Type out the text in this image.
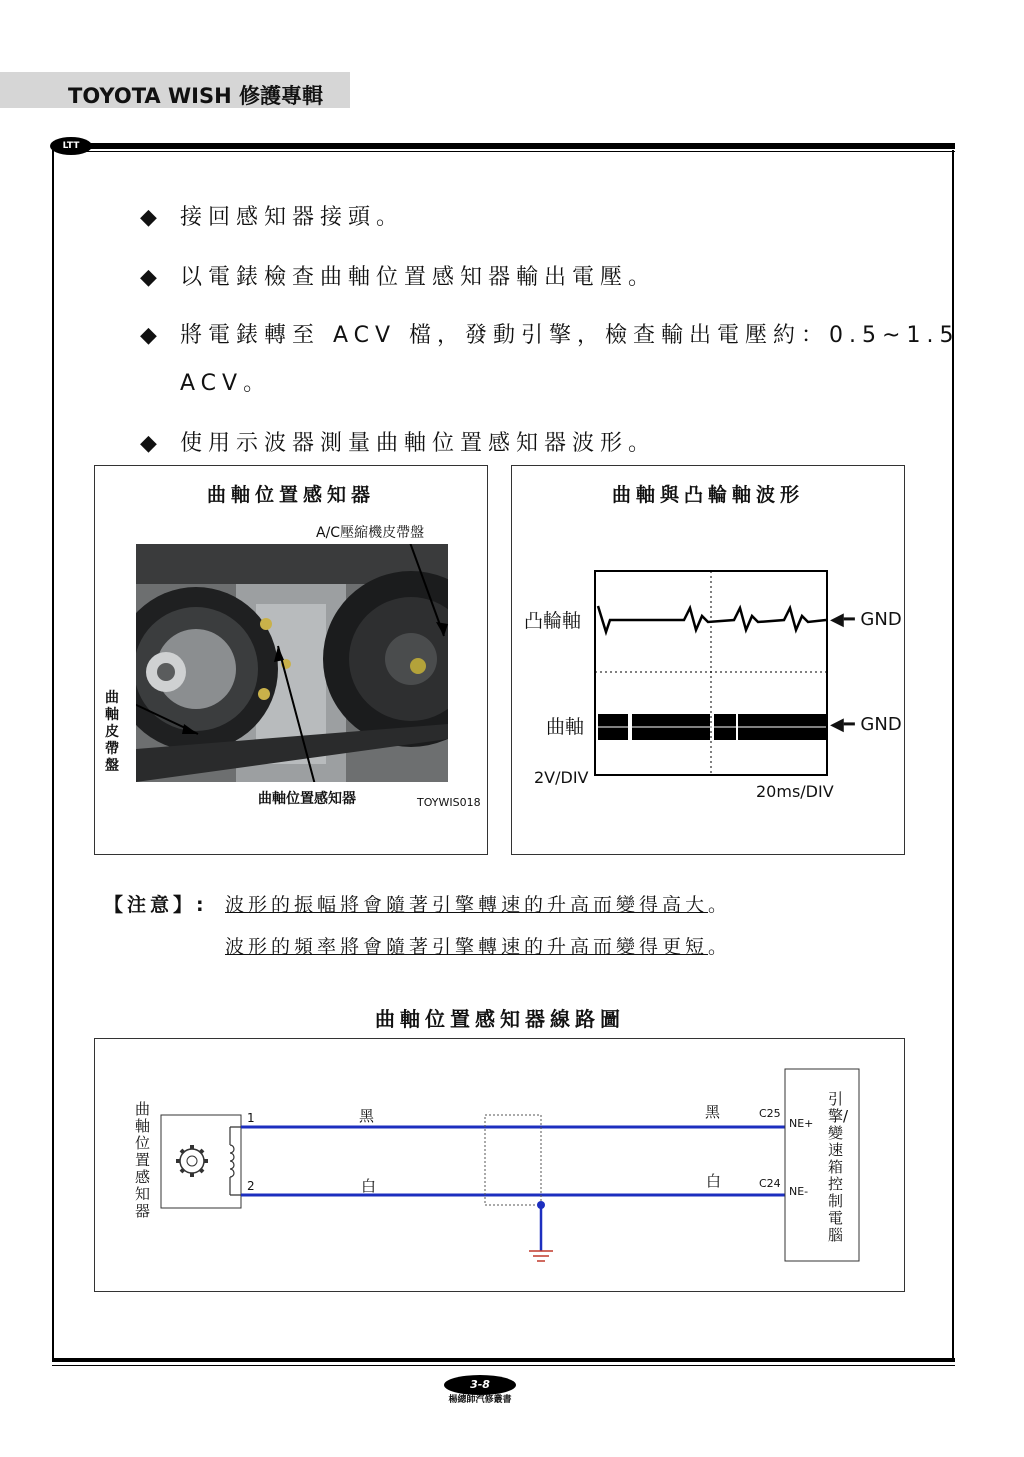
TOYOTA WISH 修護專輯
LTT
◆ 接回感知器接頭。
◆ 以電錶檢查曲軸位置感知器輸出電壓。
◆ 將電錶轉至 ACV 檔，發動引擎，檢查輸出電壓約：0.5~1.5
ACV。
◆ 使用示波器測量曲軸位置感知器波形。
曲軸位置感知器
A/C壓縮機皮帶盤
曲軸皮帶盤
曲軸位置感知器	TOYWIS018
曲軸與凸輪軸波形
凸輪軸
曲軸
◀━ GND
◀━ GND
2V/DIV
20ms/DIV
【注意】: 波形的振幅將會隨著引擎轉速的升高而變得高大。
波形的頻率將會隨著引擎轉速的升高而變得更短。
曲軸位置感知器線路圖
曲軸位置感知器
引擎/變速箱控制電腦
1
2
黑	黑
白	白
C25
C24
NE+
NE-
3-8
楊總帥汽修叢書
